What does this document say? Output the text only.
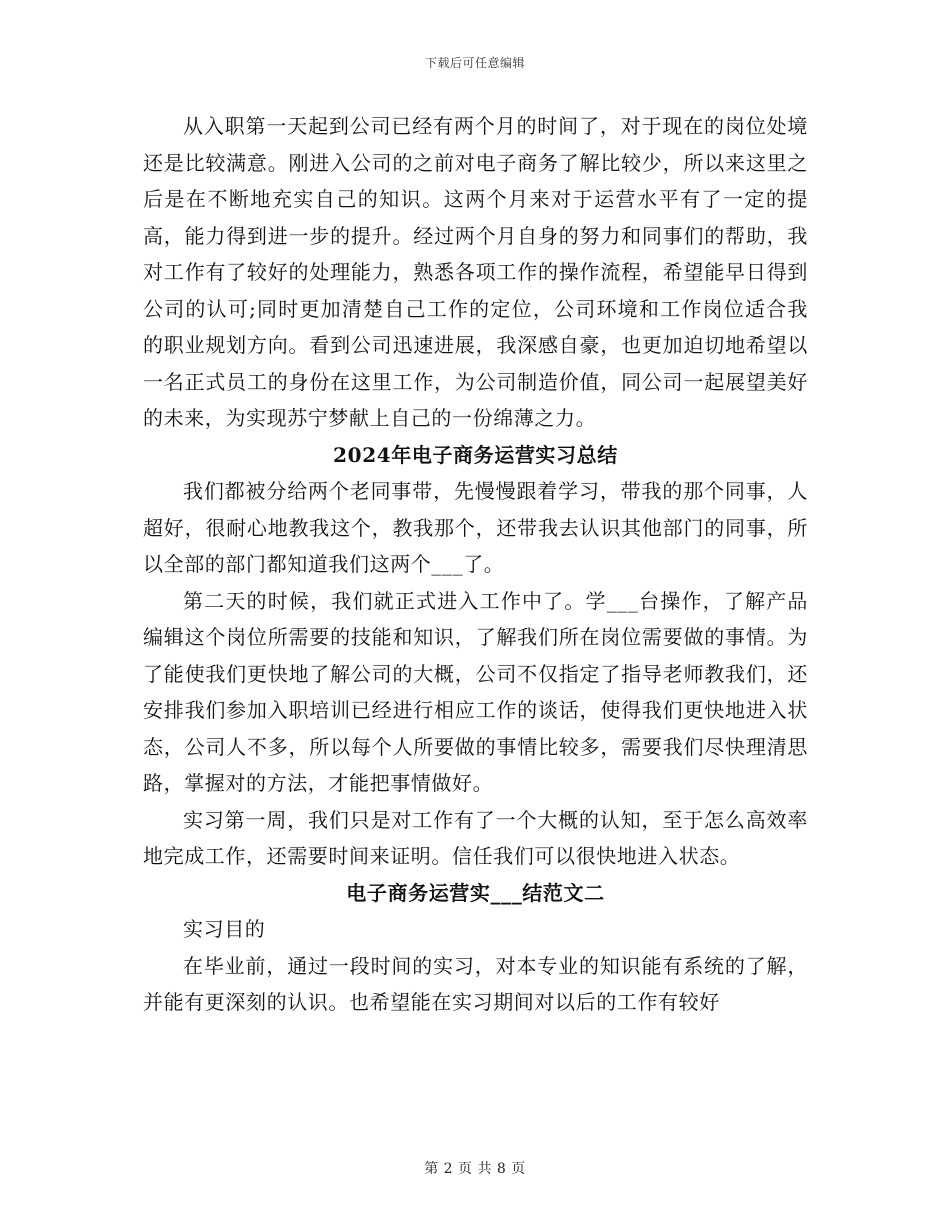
下载后可任意编辑

从入职第一天起到公司已经有两个月的时间了，对于现在的岗位处境还是比较满意。刚进入公司的之前对电子商务了解比较少，所以来这里之后是在不断地充实自己的知识。这两个月来对于运营水平有了一定的提高，能力得到进一步的提升。经过两个月自身的努力和同事们的帮助，我对工作有了较好的处理能力，熟悉各项工作的操作流程，希望能早日得到公司的认可;同时更加清楚自己工作的定位，公司环境和工作岗位适合我的职业规划方向。看到公司迅速进展，我深感自豪，也更加迫切地希望以一名正式员工的身份在这里工作，为公司制造价值，同公司一起展望美好的未来，为实现苏宁梦献上自己的一份绵薄之力。

2024年电子商务运营实习总结

我们都被分给两个老同事带，先慢慢跟着学习，带我的那个同事，人超好，很耐心地教我这个，教我那个，还带我去认识其他部门的同事，所以全部的部门都知道我们这两个___了。

第二天的时候，我们就正式进入工作中了。学___台操作，了解产品编辑这个岗位所需要的技能和知识，了解我们所在岗位需要做的事情。为了能使我们更快地了解公司的大概，公司不仅指定了指导老师教我们，还安排我们参加入职培训已经进行相应工作的谈话，使得我们更快地进入状态，公司人不多，所以每个人所要做的事情比较多，需要我们尽快理清思路，掌握对的方法，才能把事情做好。

实习第一周，我们只是对工作有了一个大概的认知，至于怎么高效率地完成工作，还需要时间来证明。信任我们可以很快地进入状态。

电子商务运营实___结范文二

实习目的

在毕业前，通过一段时间的实习，对本专业的知识能有系统的了解，并能有更深刻的认识。也希望能在实习期间对以后的工作有较好

第 2 页 共 8 页
